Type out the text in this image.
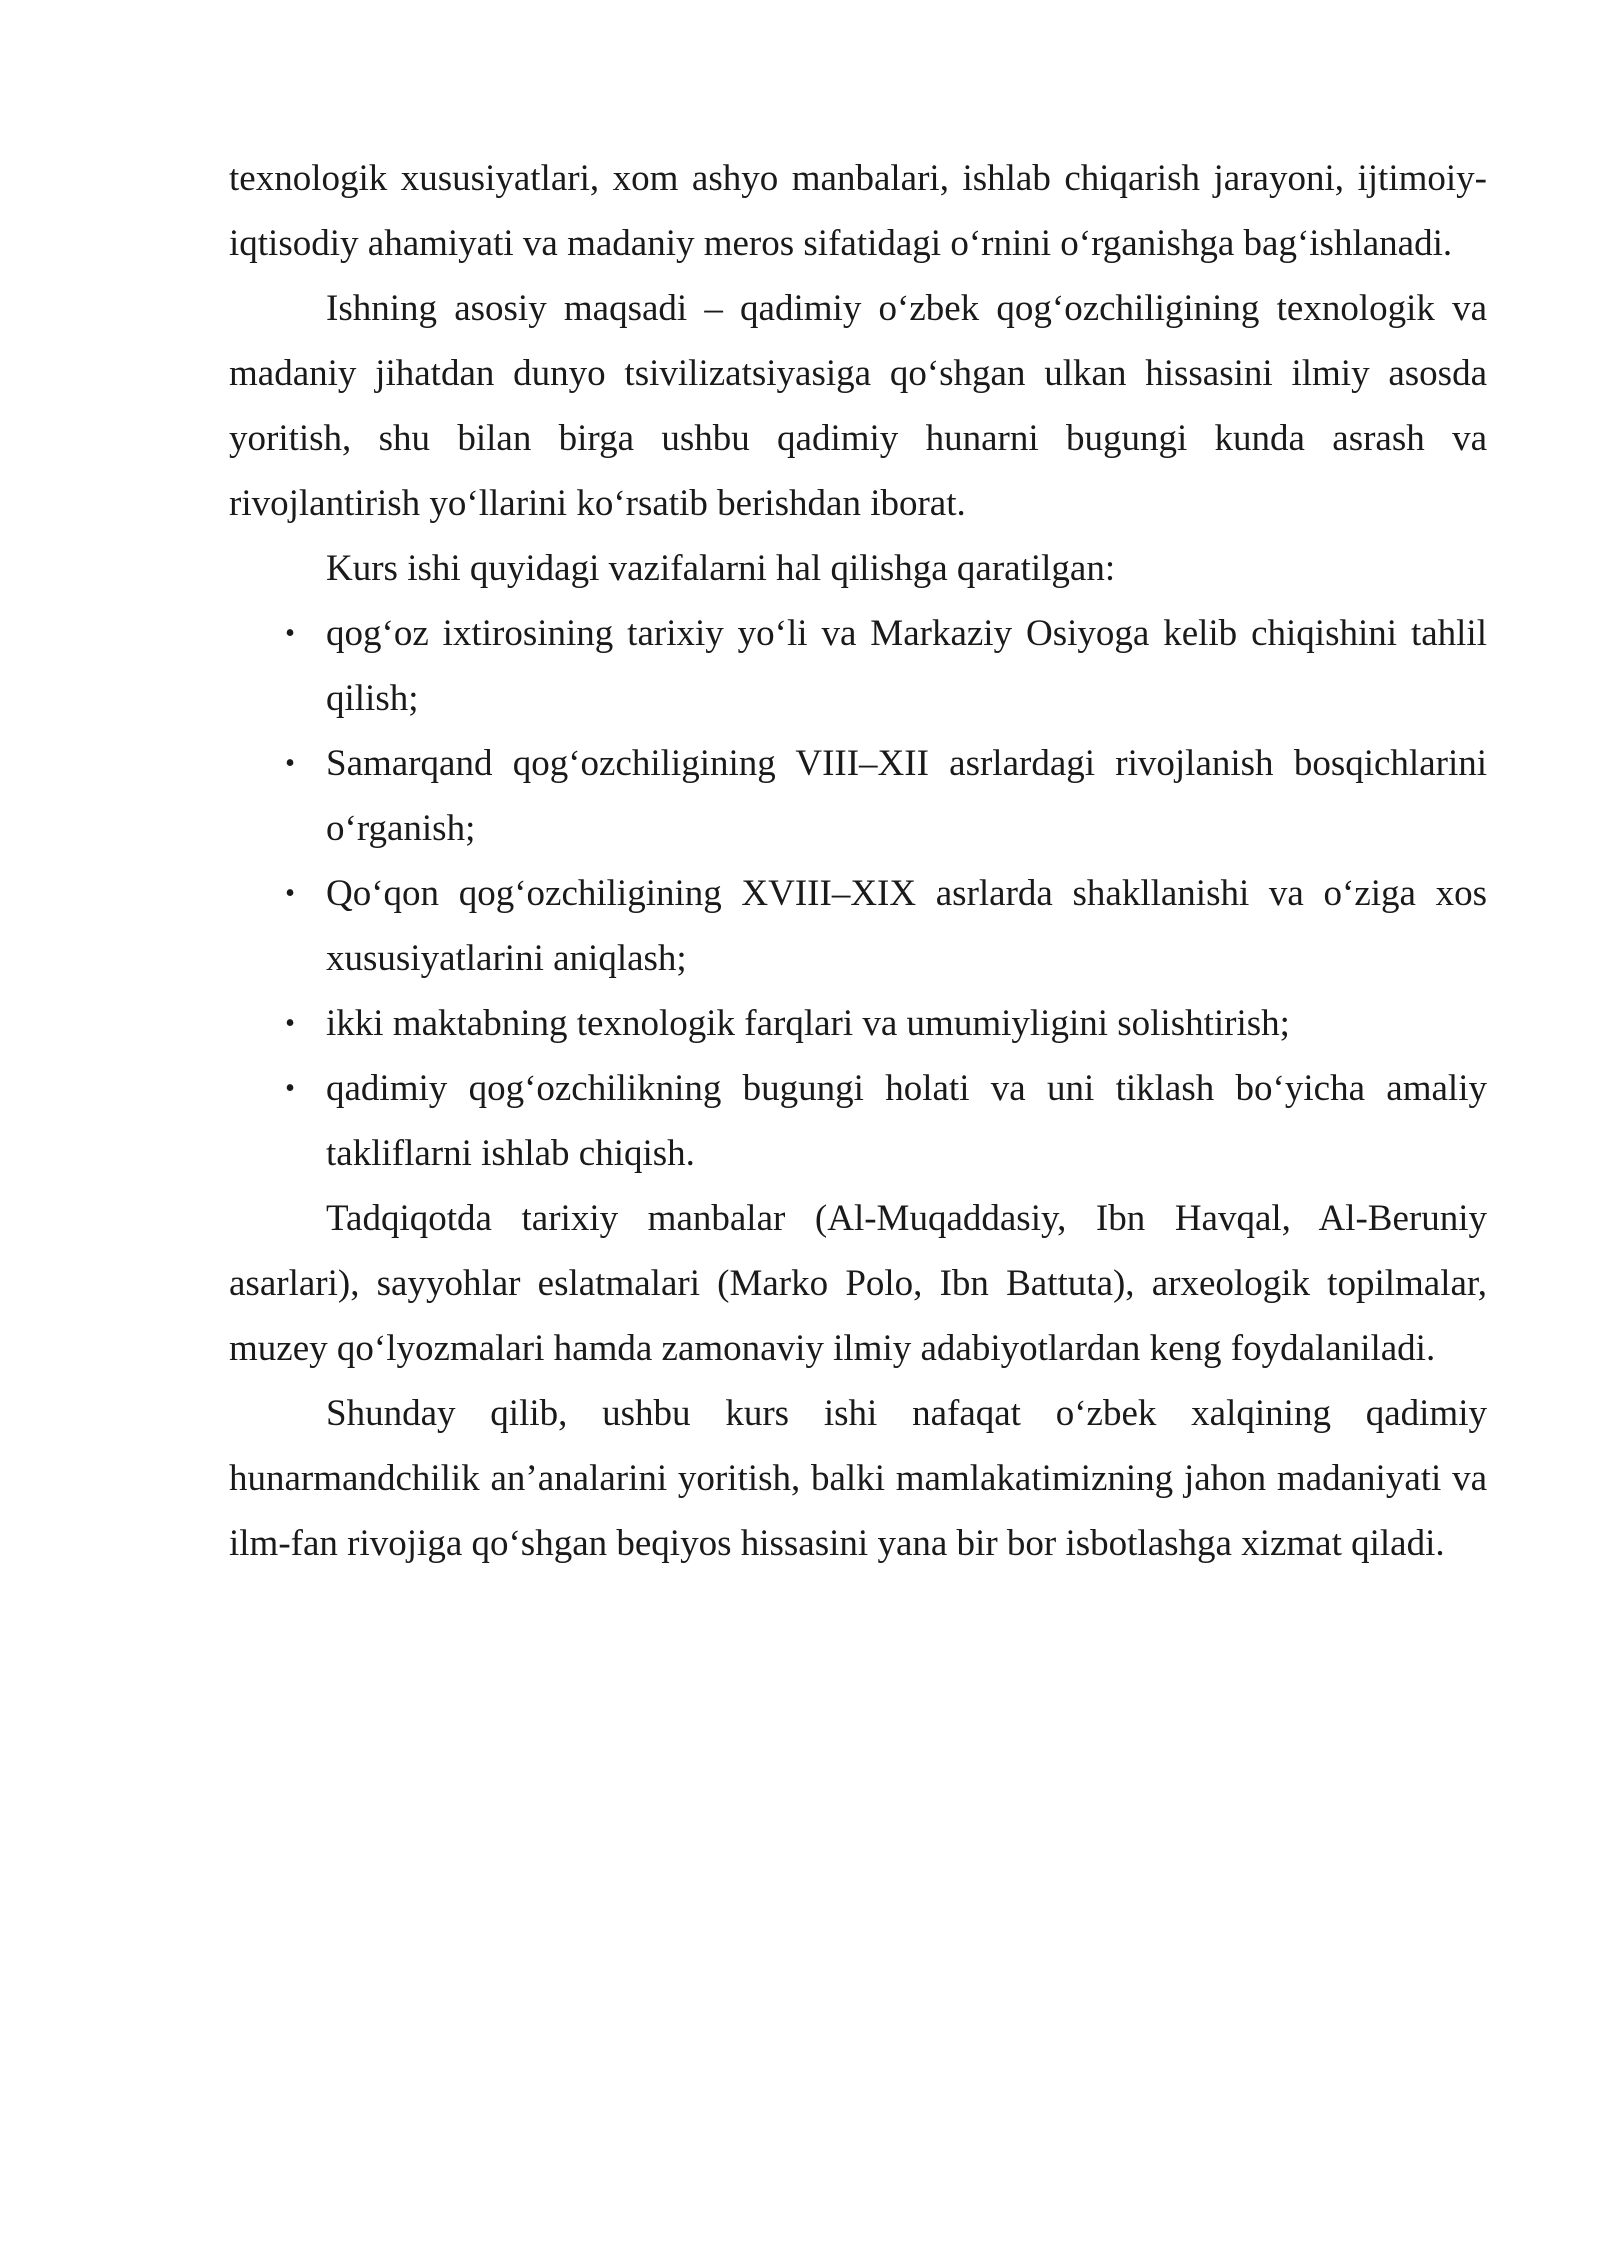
texnologik xususiyatlari, xom ashyo manbalari, ishlab chiqarish jarayoni, ijtimoiy-iqtisodiy ahamiyati va madaniy meros sifatidagi o‘rnini o‘rganishga bag‘ishlanadi.

Ishning asosiy maqsadi – qadimiy o‘zbek qog‘ozchiligining texnologik va madaniy jihatdan dunyo tsivilizatsiyasiga qo‘shgan ulkan hissasini ilmiy asosda yoritish, shu bilan birga ushbu qadimiy hunarni bugungi kunda asrash va rivojlantirish yo‘llarini ko‘rsatib berishdan iborat.

Kurs ishi quyidagi vazifalarni hal qilishga qaratilgan:

• qog‘oz ixtirosining tarixiy yo‘li va Markaziy Osiyoga kelib chiqishini tahlil qilish;
• Samarqand qog‘ozchiligining VIII–XII asrlardagi rivojlanish bosqichlarini o‘rganish;
• Qo‘qon qog‘ozchiligining XVIII–XIX asrlarda shakllanishi va o‘ziga xos xususiyatlarini aniqlash;
• ikki maktabning texnologik farqlari va umumiyligini solishtirish;
• qadimiy qog‘ozchilikning bugungi holati va uni tiklash bo‘yicha amaliy takliflarni ishlab chiqish.

Tadqiqotda tarixiy manbalar (Al-Muqaddasiy, Ibn Havqal, Al-Beruniy asarlari), sayyohlar eslatmalari (Marko Polo, Ibn Battuta), arxeologik topilmalar, muzey qo‘lyozmalari hamda zamonaviy ilmiy adabiyotlardan keng foydalaniladi.

Shunday qilib, ushbu kurs ishi nafaqat o‘zbek xalqining qadimiy hunarmandchilik an’analarini yoritish, balki mamlakatimizning jahon madaniyati va ilm-fan rivojiga qo‘shgan beqiyos hissasini yana bir bor isbotlashga xizmat qiladi.
